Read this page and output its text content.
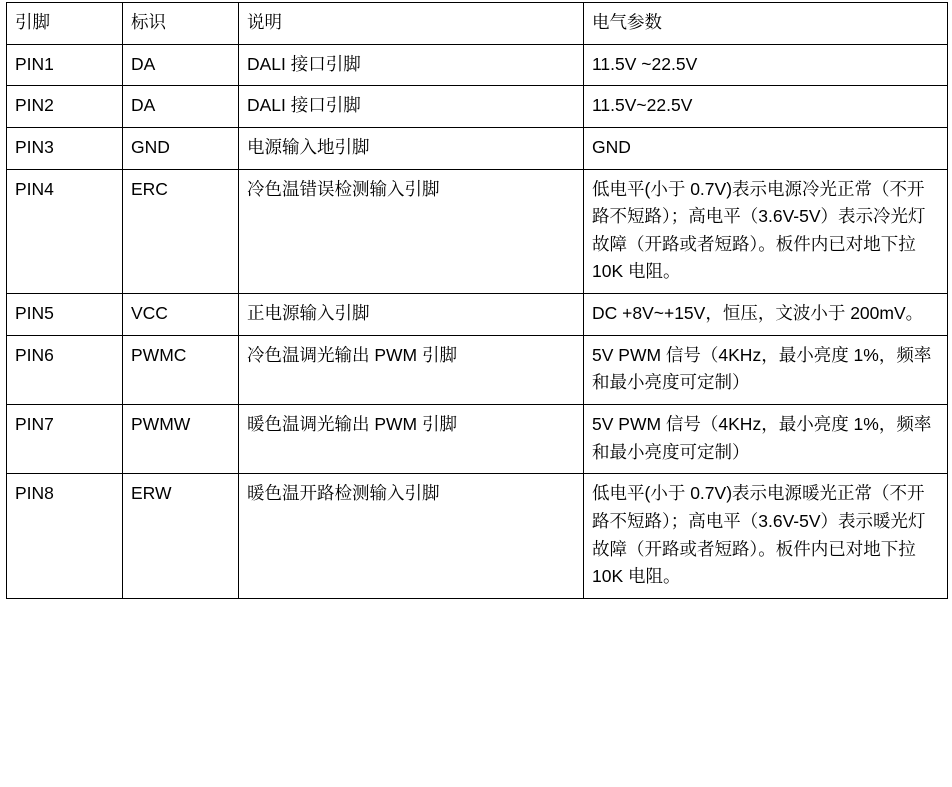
引脚	标识	说明	电气参数

PIN1	DA	DALI 接口引脚	11.5V ~22.5V

PIN2	DA	DALI 接口引脚	11.5V~22.5V

PIN3	GND	电源输入地引脚	GND

PIN4	ERC	冷色温错误检测输入引脚	低电平(小于 0.7V)表示电源冷光正常（不开路不短路）；高电平（3.6V-5V）表示冷光灯故障（开路或者短路）。板件内已对地下拉 10K 电阻。

PIN5	VCC	正电源输入引脚	DC +8V~+15V，恒压，文波小于 200mV。

PIN6	PWMC	冷色温调光输出 PWM 引脚	5V PWM 信号（4KHz，最小亮度 1%，频率和最小亮度可定制）

PIN7	PWMW	暖色温调光输出 PWM 引脚	5V PWM 信号（4KHz，最小亮度 1%，频率和最小亮度可定制）

PIN8	ERW	暖色温开路检测输入引脚	低电平(小于 0.7V)表示电源暖光正常（不开路不短路）；高电平（3.6V-5V）表示暖光灯故障（开路或者短路）。板件内已对地下拉 10K 电阻。
